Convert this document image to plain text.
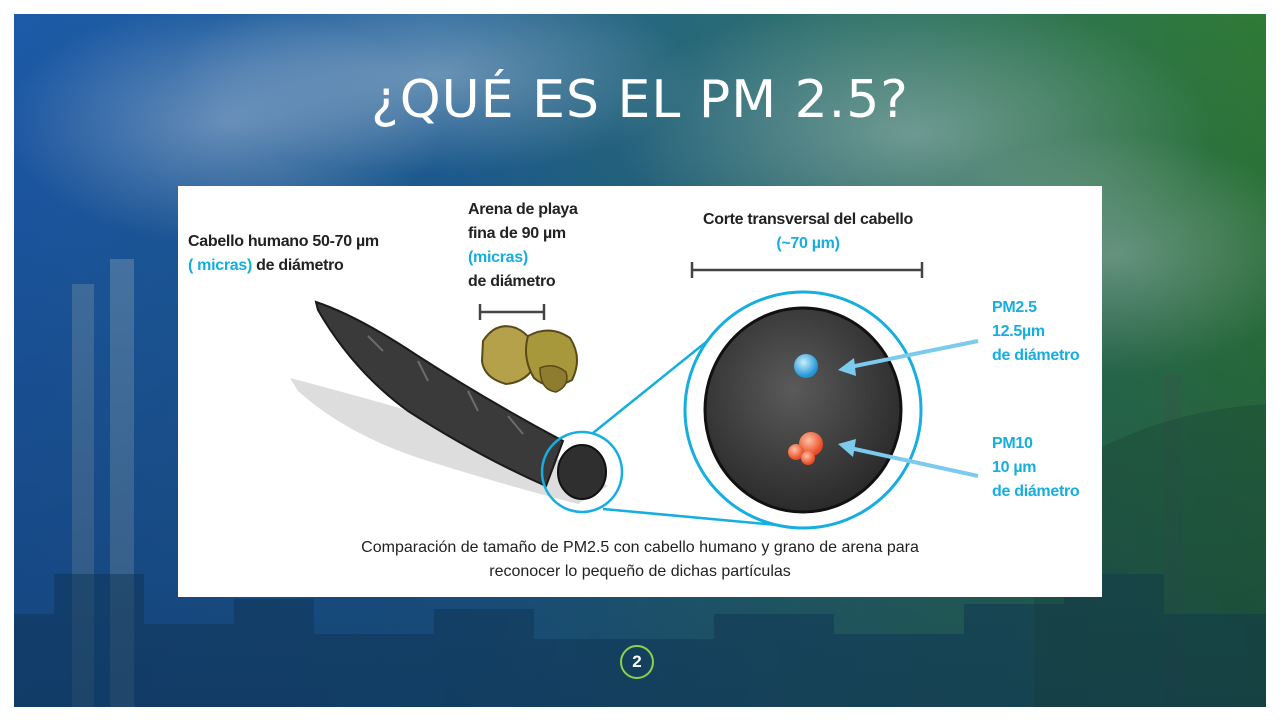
¿QUÉ ES EL PM 2.5?
Cabello humano 50-70 µm
( micras) de diámetro
Arena de playa
fina de 90 µm
(micras)
de diámetro
Corte transversal del cabello
(~70 µm)
PM2.5
12.5µm
de diámetro
PM10
10 µm
de diámetro
Comparación de tamaño de PM2.5 con cabello humano y grano de arena para
reconocer lo pequeño de dichas partículas
2
